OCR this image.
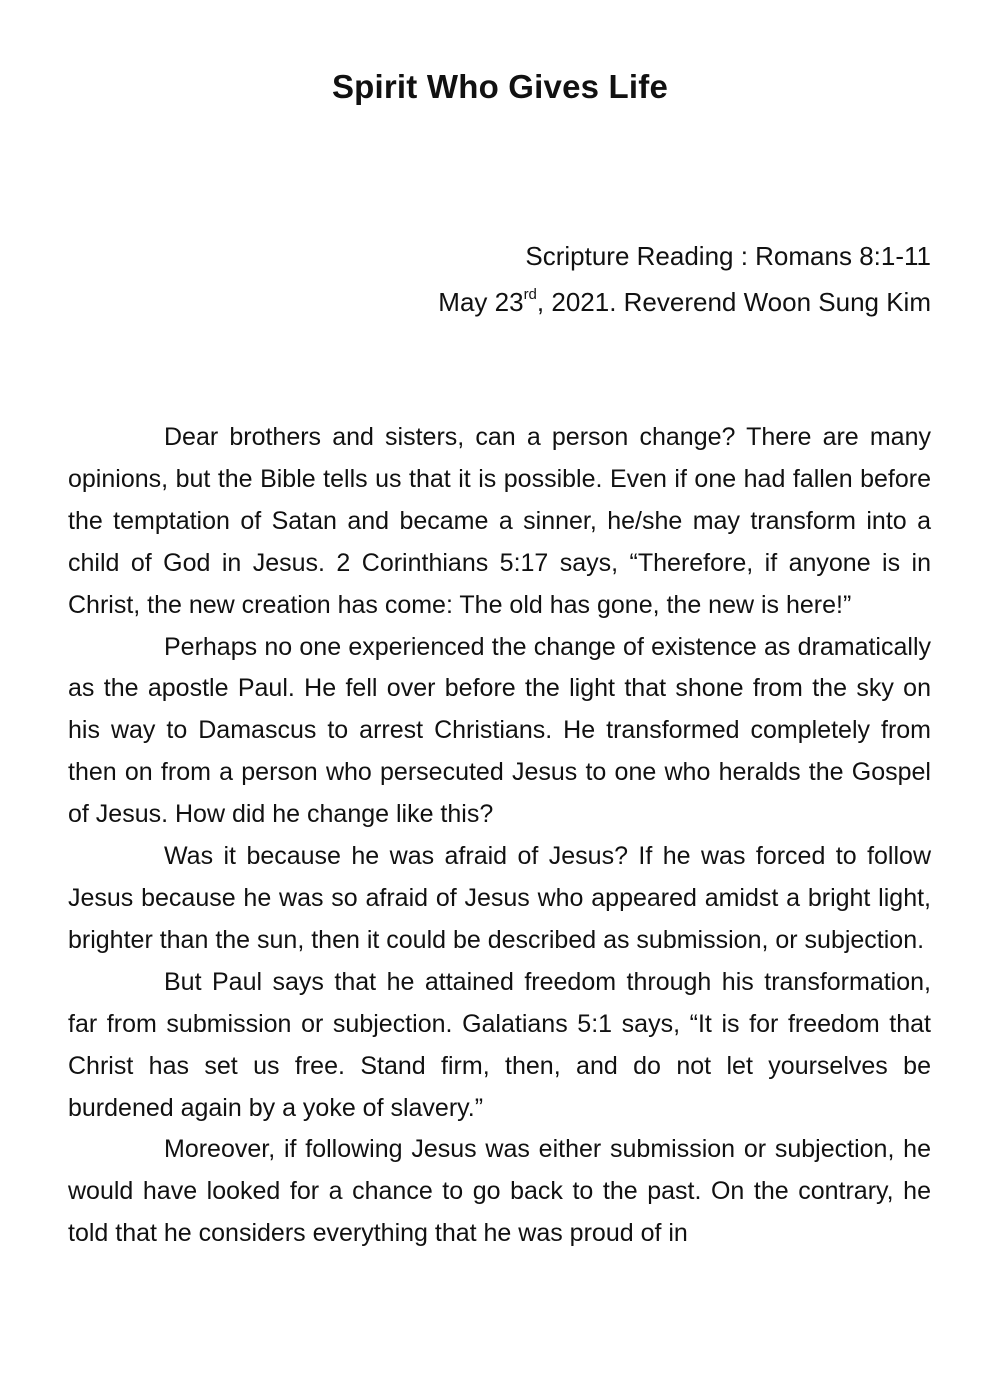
Spirit Who Gives Life
Scripture Reading : Romans 8:1-11
May 23rd, 2021. Reverend Woon Sung Kim

Dear brothers and sisters, can a person change? There are many opinions, but the Bible tells us that it is possible. Even if one had fallen before the temptation of Satan and became a sinner, he/she may transform into a child of God in Jesus. 2 Corinthians 5:17 says, “Therefore, if anyone is in Christ, the new creation has come: The old has gone, the new is here!”

Perhaps no one experienced the change of existence as dramatically as the apostle Paul. He fell over before the light that shone from the sky on his way to Damascus to arrest Christians. He transformed completely from then on from a person who persecuted Jesus to one who heralds the Gospel of Jesus. How did he change like this?

Was it because he was afraid of Jesus? If he was forced to follow Jesus because he was so afraid of Jesus who appeared amidst a bright light, brighter than the sun, then it could be described as submission, or subjection.

But Paul says that he attained freedom through his transformation, far from submission or subjection. Galatians 5:1 says, “It is for freedom that Christ has set us free. Stand firm, then, and do not let yourselves be burdened again by a yoke of slavery.”

Moreover, if following Jesus was either submission or subjection, he would have looked for a chance to go back to the past. On the contrary, he told that he considers everything that he was proud of in
